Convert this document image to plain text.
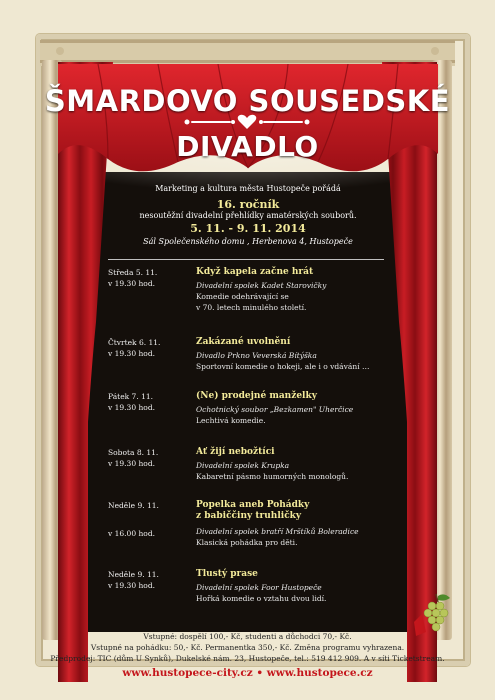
ŠMARDOVO SOUSEDSKÉ
DIVADLO
Marketing a kultura města Hustopeče pořádá
16. ročník
nesoutěžní divadelní přehlídky amatérských souborů.
5. 11. - 9. 11. 2014
Sál Společenského domu , Herbenova 4, Hustopeče
Středa 5. 11.
v 19.30 hod.
Když kapela začne hrát
Divadelní spolek Kadet Starovičky
Komedie odehrávající se
v 70. letech minulého století.
Čtvrtek 6. 11.
v 19.30 hod.
Zakázané uvolnění
Divadlo Prkno Veverská Bítýška
Sportovní komedie o hokeji, ale i o vdávání …
Pátek 7. 11.
v 19.30 hod.
(Ne) prodejné manželky
Ochotnický soubor „Bezkamen" Uherčice
Lechtivá komedie.
Sobota 8. 11.
v 19.30 hod.
Ať žijí nebožtíci
Divadelní spolek Krupka
Kabaretní pásmo humorných monologů.
Neděle 9. 11.
v 16.00 hod.
Popelka aneb Pohádky
z babiččiny truhličky
Divadelní spolek bratří Mrštíků Boleradice
Klasická pohádka pro děti.
Neděle 9. 11.
v 19.30 hod.
Tlustý prase
Divadelní spolek Foor Hustopeče
Hořká komedie o vztahu dvou lidí.
Vstupné: dospělí 100,- Kč, studenti a důchodci 70,- Kč.
Vstupné na pohádku: 50,- Kč. Permanentka 350,- Kč. Změna programu vyhrazena.
Předprodej: TIC (dům U Synků), Dukelské nám. 23, Hustopeče, tel.: 519 412 909. A v síti Ticketstream.
www.hustopece-city.cz • www.hustopece.cz
